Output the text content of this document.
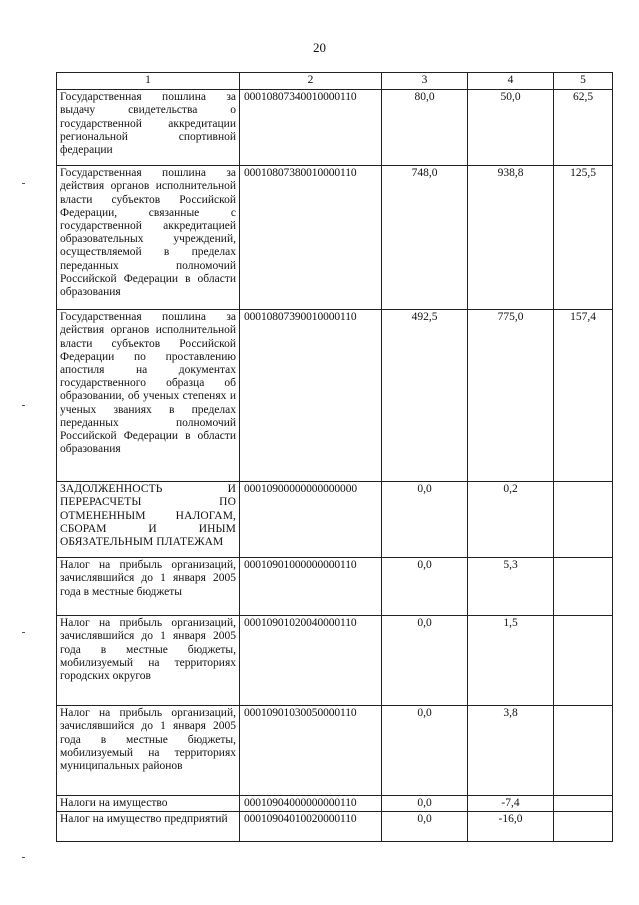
20
1	2	3	4	5
Государственная пошлина за выдачу свидетельства о государственной аккредитации региональной спортивной федерации	00010807340010000110	80,0	50,0	62,5
Государственная пошлина за действия органов исполнительной власти субъектов Российской Федерации, связанные с государственной аккредитацией образовательных учреждений, осуществляемой в пределах переданных полномочий Российской Федерации в области образования	00010807380010000110	748,0	938,8	125,5
Государственная пошлина за действия органов исполнительной власти субъектов Российской Федерации по проставлению апостиля на документах государственного образца об образовании, об ученых степенях и ученых званиях в пределах переданных полномочий Российской Федерации в области образования	00010807390010000110	492,5	775,0	157,4
ЗАДОЛЖЕННОСТЬ И ПЕРЕРАСЧЕТЫ ПО ОТМЕНЕННЫМ НАЛОГАМ, СБОРАМ И ИНЫМ ОБЯЗАТЕЛЬНЫМ ПЛАТЕЖАМ	00010900000000000000	0,0	0,2	
Налог на прибыль организаций, зачислявшийся до 1 января 2005 года в местные бюджеты	00010901000000000110	0,0	5,3	
Налог на прибыль организаций, зачислявшийся до 1 января 2005 года в местные бюджеты, мобилизуемый на территориях городских округов	00010901020040000110	0,0	1,5	
Налог на прибыль организаций, зачислявшийся до 1 января 2005 года в местные бюджеты, мобилизуемый на территориях муниципальных районов	00010901030050000110	0,0	3,8	
Налоги на имущество	00010904000000000110	0,0	-7,4	
Налог на имущество предприятий	00010904010020000110	0,0	-16,0	
